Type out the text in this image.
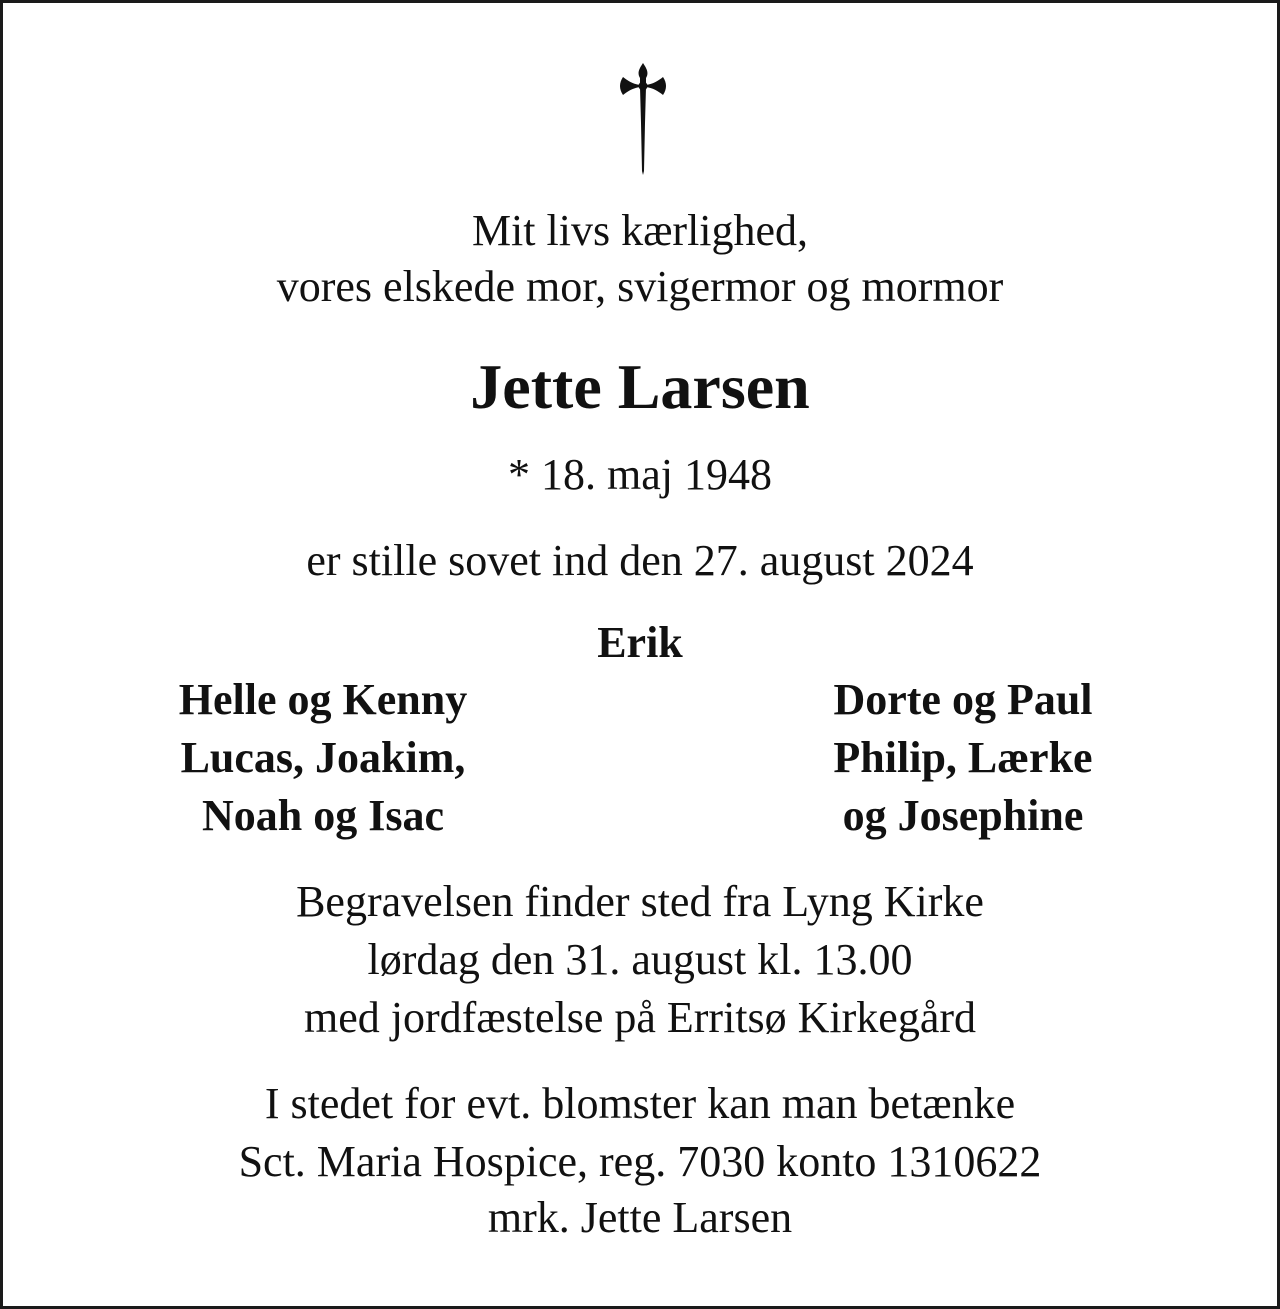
Mit livs kærlighed,
vores elskede mor, svigermor og mormor
Jette Larsen
* 18. maj 1948
er stille sovet ind den 27. august 2024
Erik
Helle og Kenny
Lucas, Joakim,
Noah og Isac
Dorte og Paul
Philip, Lærke
og Josephine
Begravelsen finder sted fra Lyng Kirke
lørdag den 31. august kl. 13.00
med jordfæstelse på Erritsø Kirkegård
I stedet for evt. blomster kan man betænke
Sct. Maria Hospice, reg. 7030 konto 1310622
mrk. Jette Larsen
